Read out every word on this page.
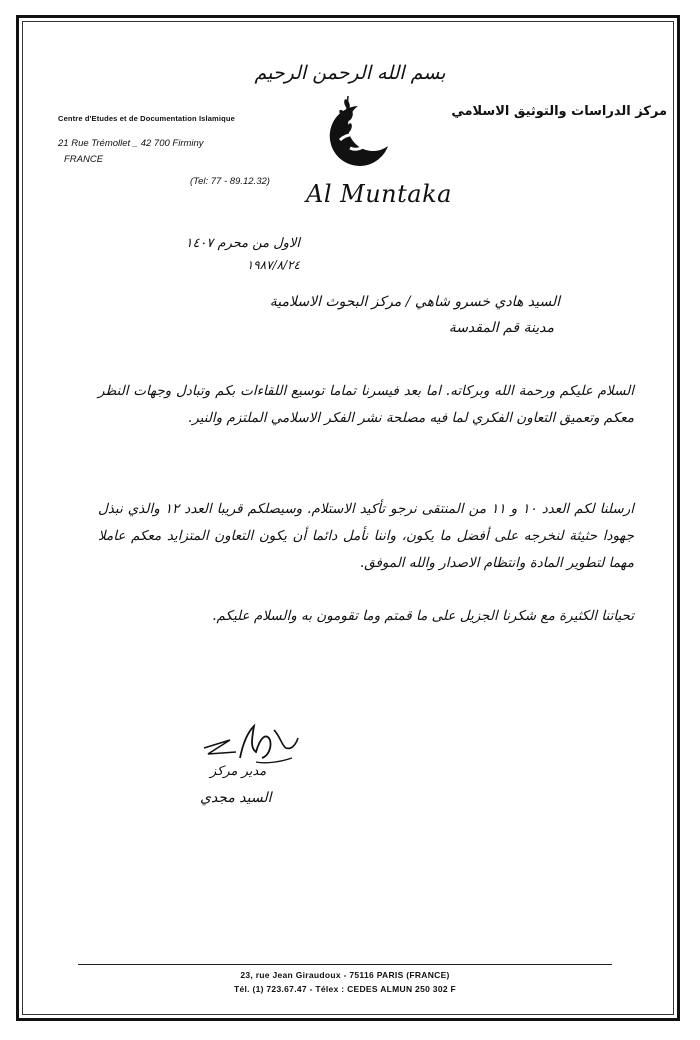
بسم الله الرحمن الرحيم
Centre d'Etudes et de Documentation Islamique
21 Rue Trémollet _ 42 700 Firminy
FRANCE
(Tel: 77 - 89.12.32)
مركز الدراسات والتوثيق الاسلامي
Al Muntaka
الاول من محرم ١٤٠٧
١٩٨٧/٨/٢٤
السيد هادي خسرو شاهي / مركز البحوث الاسلامية
مدينة قم المقدسة
السلام عليكم ورحمة الله وبركاته. اما بعد فيسرنا تماما توسيع اللقاءات بكم وتبادل وجهات النظر معكم وتعميق التعاون الفكري لما فيه مصلحة نشر الفكر الاسلامي الملتزم والنير.
ارسلنا لكم العدد ١٠ و ١١ من المنتقى نرجو تأكيد الاستلام. وسيصلكم قريبا العدد ١٢ والذي نبذل جهودا حثيثة لنخرجه على أفضل ما يكون، واننا نأمل دائما أن يكون التعاون المتزايد معكم عاملا مهما لتطوير المادة وانتظام الاصدار والله الموفق.
تحياتنا الكثيرة مع شكرنا الجزيل على ما قمتم وما تقومون به والسلام عليكم.
مدير مركز
السيد مجدي
23, rue Jean Giraudoux - 75116 PARIS (FRANCE)
Tél. (1) 723.67.47 - Télex : CEDES ALMUN 250 302 F
